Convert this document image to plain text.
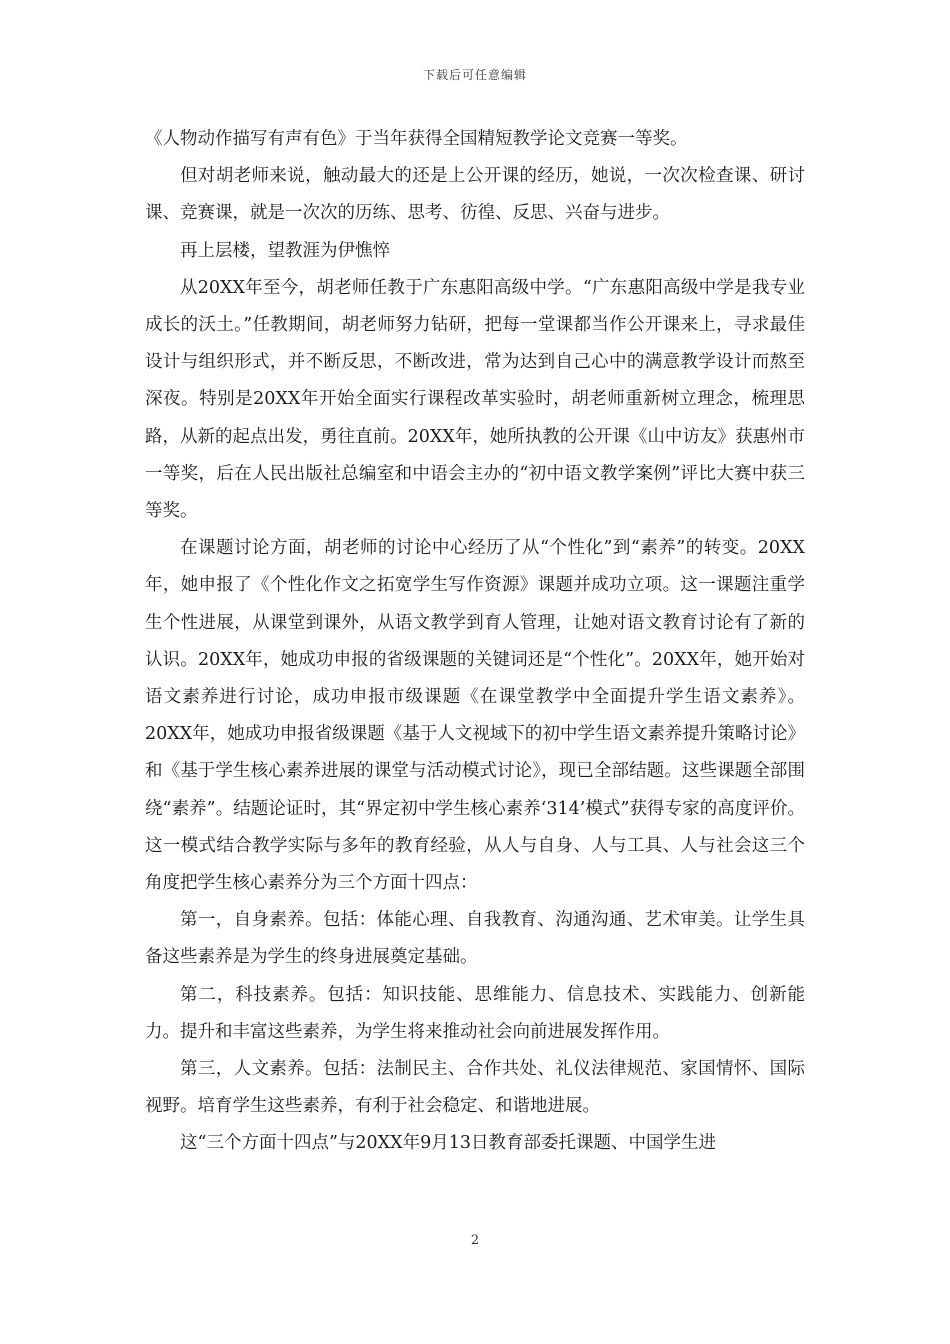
下载后可任意编辑

《人物动作描写有声有色》于当年获得全国精短教学论文竞赛一等奖。

但对胡老师来说，触动最大的还是上公开课的经历，她说，一次次检查课、研讨课、竞赛课，就是一次次的历练、思考、彷徨、反思、兴奋与进步。

再上层楼，望教涯为伊憔悴

从20XX年至今，胡老师任教于广东惠阳高级中学。“广东惠阳高级中学是我专业成长的沃土。”任教期间，胡老师努力钻研，把每一堂课都当作公开课来上，寻求最佳设计与组织形式，并不断反思，不断改进，常为达到自己心中的满意教学设计而熬至深夜。特别是20XX年开始全面实行课程改革实验时，胡老师重新树立理念，梳理思路，从新的起点出发，勇往直前。20XX年，她所执教的公开课《山中访友》获惠州市一等奖，后在人民出版社总编室和中语会主办的“初中语文教学案例”评比大赛中获三等奖。

在课题讨论方面，胡老师的讨论中心经历了从“个性化”到“素养”的转变。20XX年，她申报了《个性化作文之拓宽学生写作资源》课题并成功立项。这一课题注重学生个性进展，从课堂到课外，从语文教学到育人管理，让她对语文教育讨论有了新的认识。20XX年，她成功申报的省级课题的关键词还是“个性化”。20XX年，她开始对语文素养进行讨论，成功申报市级课题《在课堂教学中全面提升学生语文素养》。20XX年，她成功申报省级课题《基于人文视域下的初中学生语文素养提升策略讨论》和《基于学生核心素养进展的课堂与活动模式讨论》，现已全部结题。这些课题全部围绕“素养”。结题论证时，其“界定初中学生核心素养‘314’模式”获得专家的高度评价。这一模式结合教学实际与多年的教育经验，从人与自身、人与工具、人与社会这三个角度把学生核心素养分为三个方面十四点：

第一，自身素养。包括：体能心理、自我教育、沟通沟通、艺术审美。让学生具备这些素养是为学生的终身进展奠定基础。

第二，科技素养。包括：知识技能、思维能力、信息技术、实践能力、创新能力。提升和丰富这些素养，为学生将来推动社会向前进展发挥作用。

第三，人文素养。包括：法制民主、合作共处、礼仪法律规范、家国情怀、国际视野。培育学生这些素养，有利于社会稳定、和谐地进展。

这“三个方面十四点”与20XX年9月13日教育部委托课题、中国学生进

2
